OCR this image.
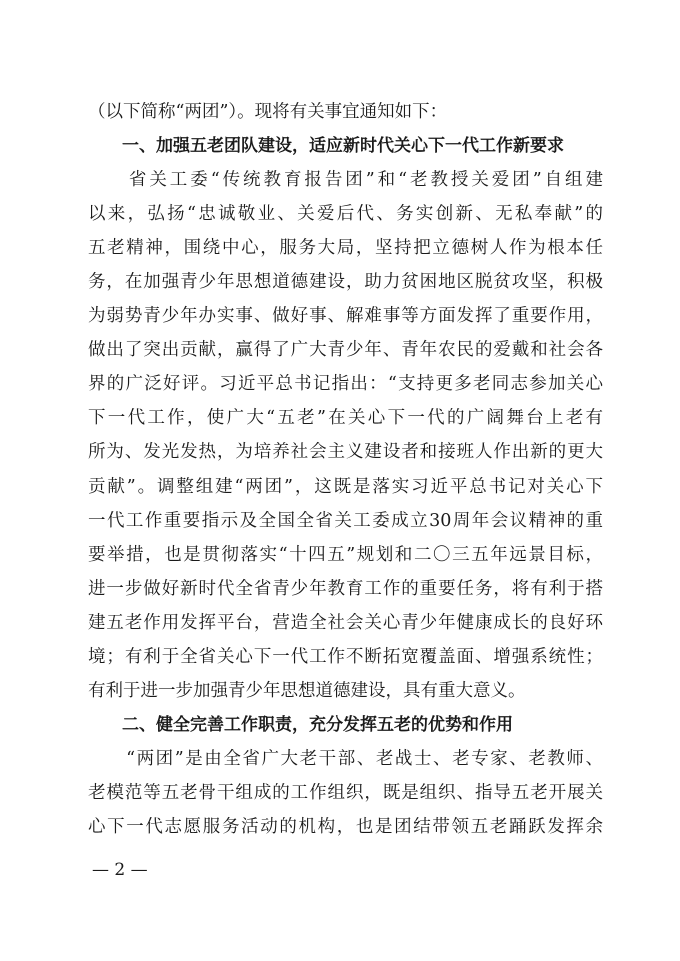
（以下简称“两团”）。现将有关事宜通知如下：
　　一、加强五老团队建设，适应新时代关心下一代工作新要求
　　省关工委“传统教育报告团”和“老教授关爱团”自组建
以来，弘扬“忠诚敬业、关爱后代、务实创新、无私奉献”的
五老精神，围绕中心，服务大局，坚持把立德树人作为根本任
务，在加强青少年思想道德建设，助力贫困地区脱贫攻坚，积极
为弱势青少年办实事、做好事、解难事等方面发挥了重要作用，
做出了突出贡献，赢得了广大青少年、青年农民的爱戴和社会各
界的广泛好评。习近平总书记指出：“支持更多老同志参加关心
下一代工作，使广大“五老”在关心下一代的广阔舞台上老有
所为、发光发热，为培养社会主义建设者和接班人作出新的更大
贡献”。调整组建“两团”，这既是落实习近平总书记对关心下
一代工作重要指示及全国全省关工委成立30周年会议精神的重
要举措，也是贯彻落实“十四五”规划和二〇三五年远景目标，
进一步做好新时代全省青少年教育工作的重要任务，将有利于搭
建五老作用发挥平台，营造全社会关心青少年健康成长的良好环
境；有利于全省关心下一代工作不断拓宽覆盖面、增强系统性；
有利于进一步加强青少年思想道德建设，具有重大意义。
　　二、健全完善工作职责，充分发挥五老的优势和作用
　　“两团”是由全省广大老干部、老战士、老专家、老教师、
老模范等五老骨干组成的工作组织，既是组织、指导五老开展关
心下一代志愿服务活动的机构，也是团结带领五老踊跃发挥余
— 2 —
